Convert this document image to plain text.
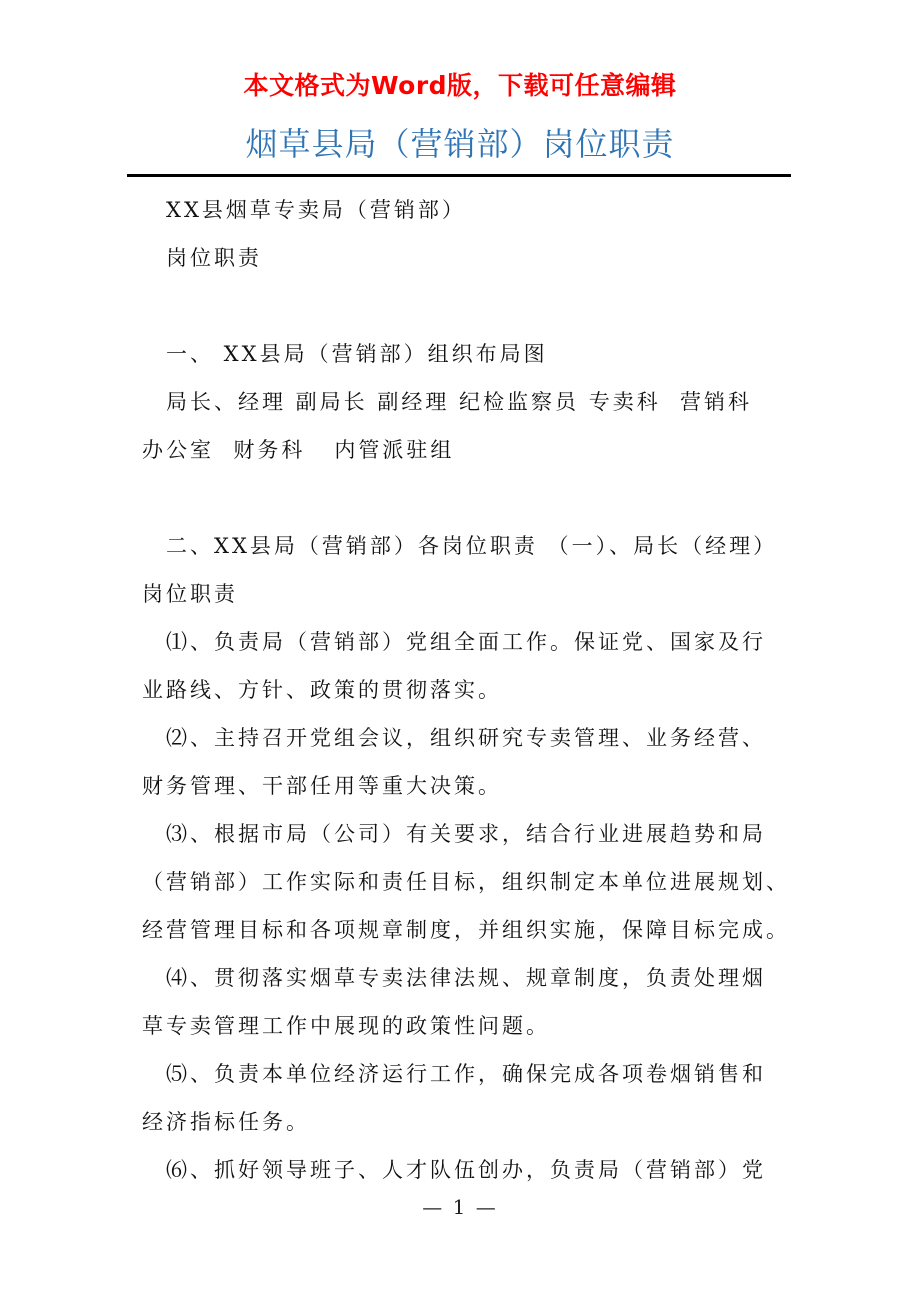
本文格式为Word版，下载可任意编辑
烟草县局（营销部）岗位职责

XX县烟草专卖局（营销部）

岗位职责

一、 XX县局（营销部）组织布局图

局长、经理 副局长 副经理 纪检监察员 专卖科  营销科

办公室  财务科   内管派驻组

二、XX县局（营销部）各岗位职责 （一）、局长（经理）

岗位职责

⑴、负责局（营销部）党组全面工作。保证党、国家及行

业路线、方针、政策的贯彻落实。

⑵、主持召开党组会议，组织研究专卖管理、业务经营、

财务管理、干部任用等重大决策。

⑶、根据市局（公司）有关要求，结合行业进展趋势和局

（营销部）工作实际和责任目标，组织制定本单位进展规划、

经营管理目标和各项规章制度，并组织实施，保障目标完成。

⑷、贯彻落实烟草专卖法律法规、规章制度，负责处理烟

草专卖管理工作中展现的政策性问题。

⑸、负责本单位经济运行工作，确保完成各项卷烟销售和

经济指标任务。

⑹、抓好领导班子、人才队伍创办，负责局（营销部）党

— 1 —
